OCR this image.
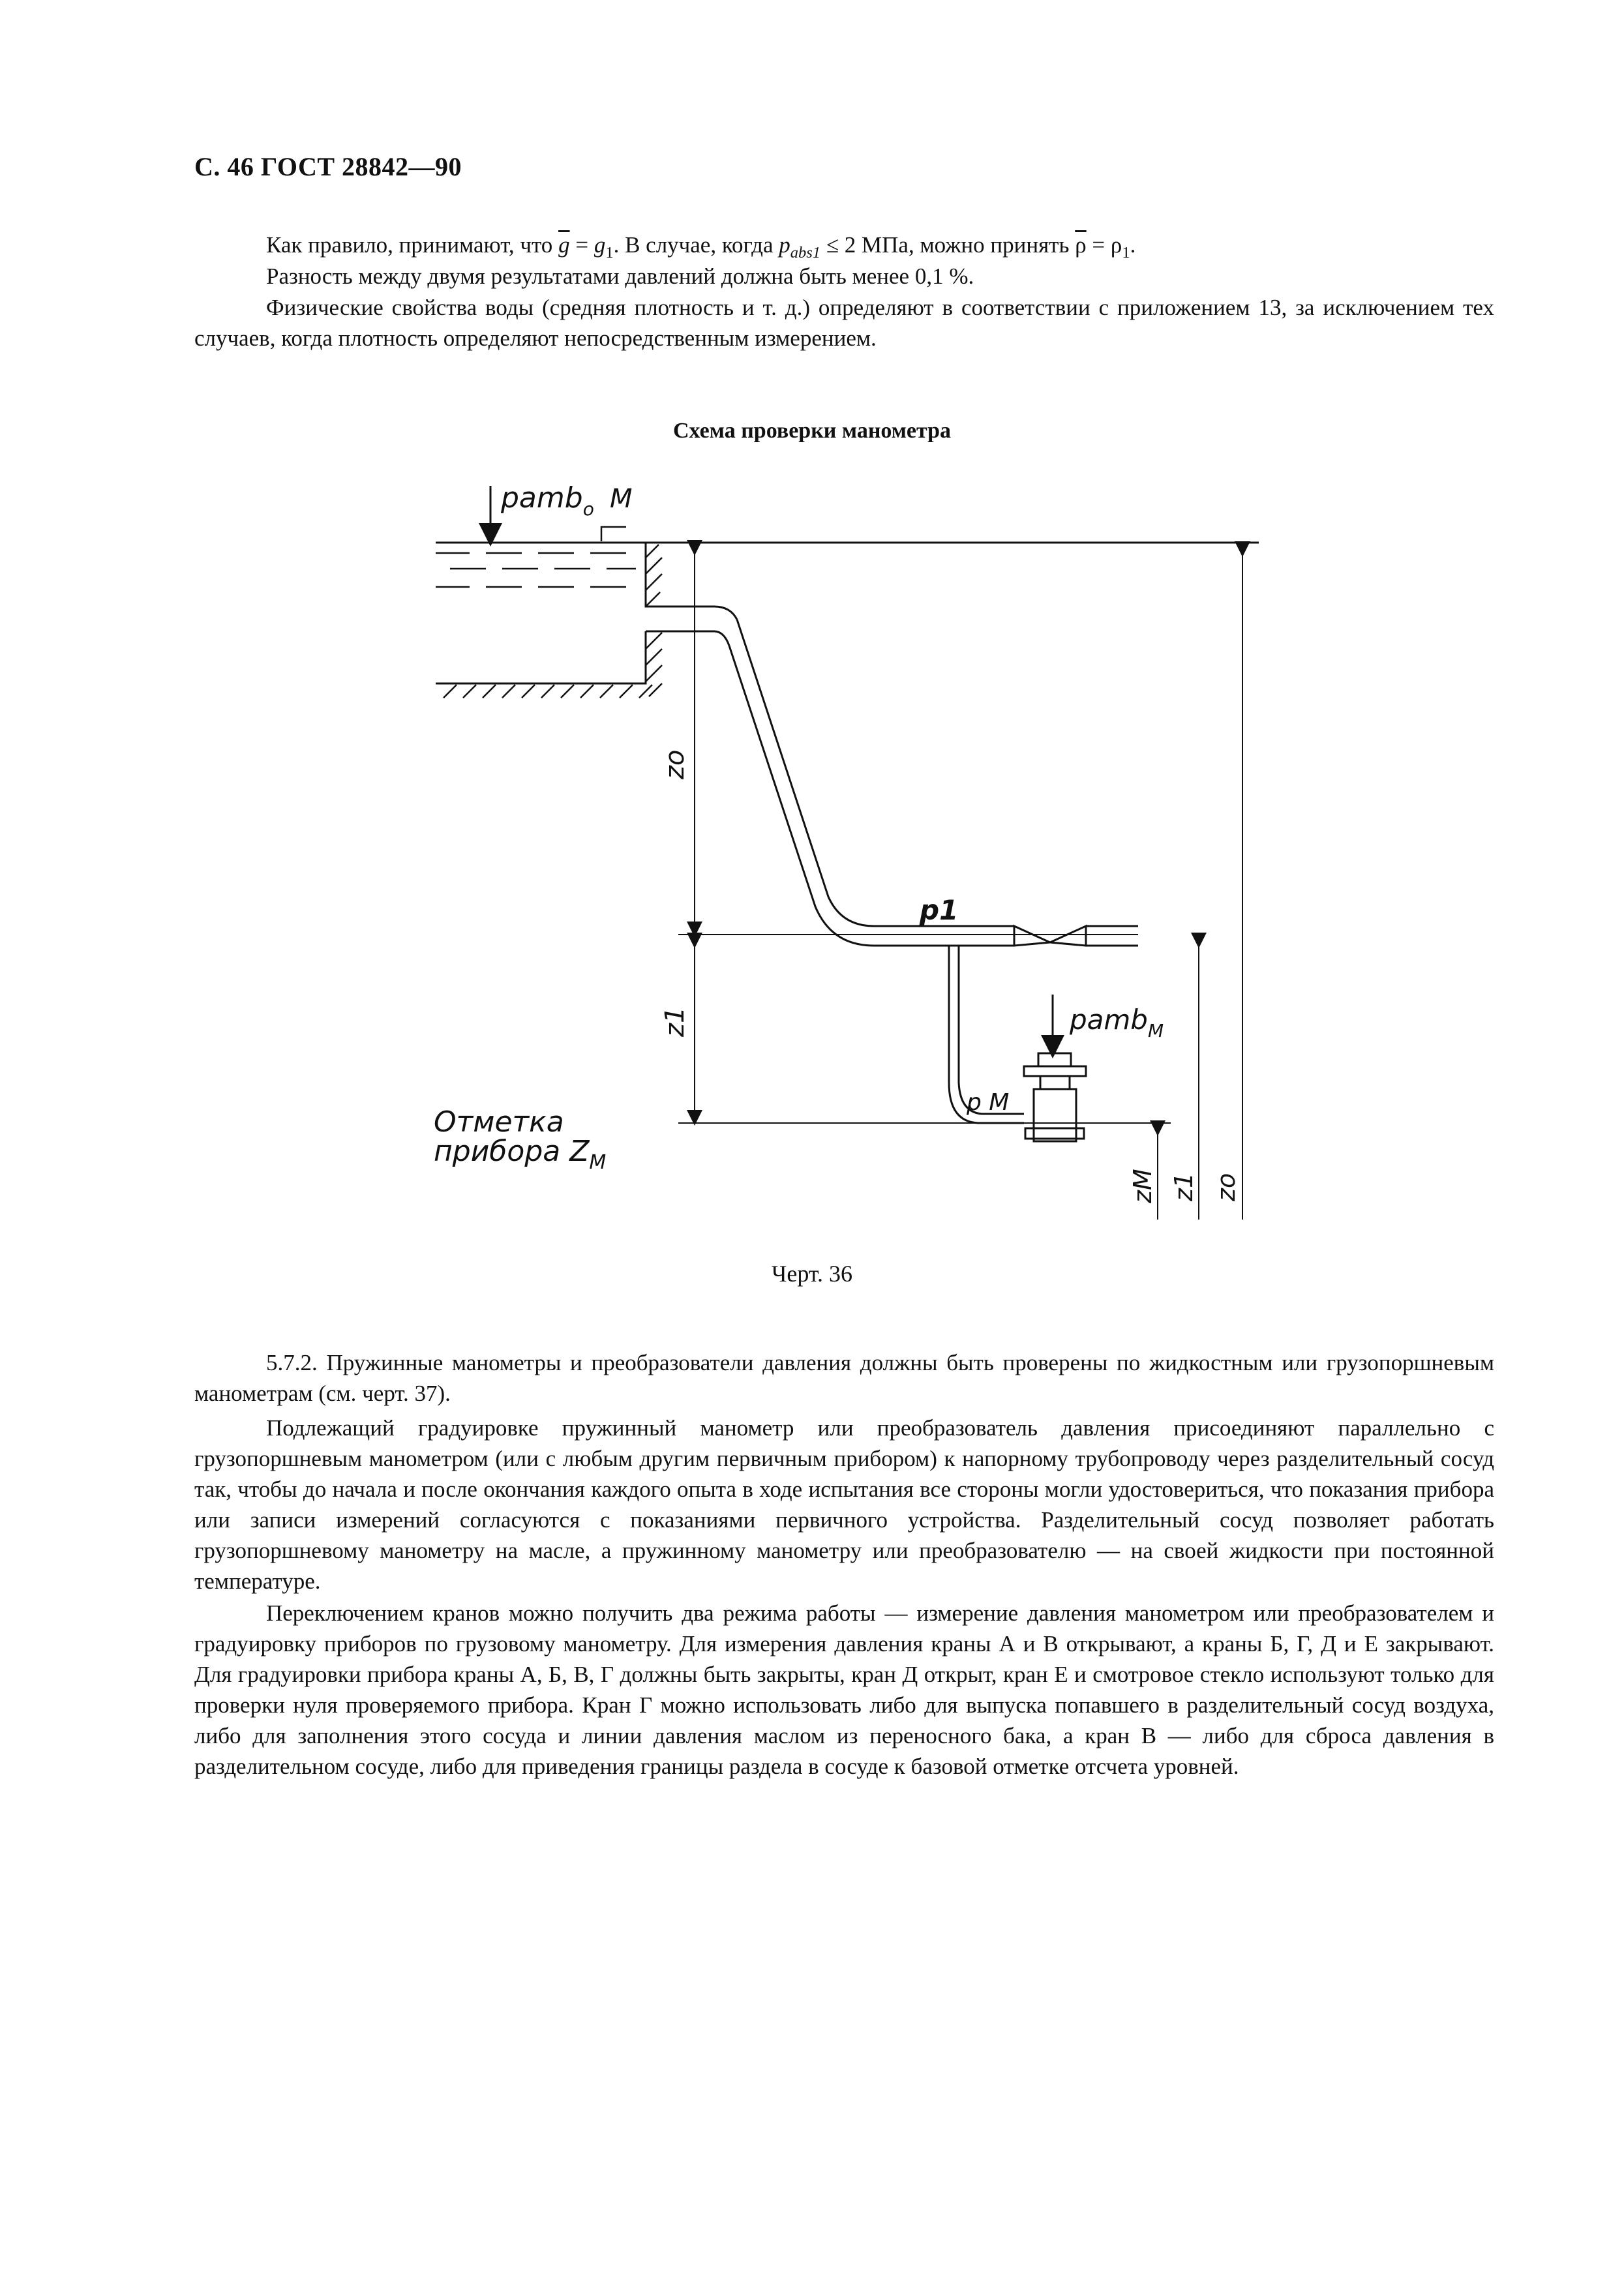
С. 46 ГОСТ 28842—90

Как правило, принимают, что $\overline{g} = g_1$. В случае, когда $p_{abs1} \le 2$ МПа, можно принять $\overline{\rho} = \rho_1$.

Разность между двумя результатами давлений должна быть менее 0,1 %.

Физические свойства воды (средняя плотность и т. д.) определяют в соответствии с приложением 13, за исключением тех случаев, когда плотность определяют непосредственным измерением.

Схема проверки манометра
pamb$_o$ M
zo
p1
z1	pamb$_M$
p M
Отметка
прибора $Z_M$
zM z1 zo
Черт. 36

5.7.2. Пружинные манометры и преобразователи давления должны быть проверены по жидкостным или грузопоршневым манометрам (см. черт. 37).

Подлежащий градуировке пружинный манометр или преобразователь давления присоединяют параллельно с грузопоршневым манометром (или с любым другим первичным прибором) к напорному трубопроводу через разделительный сосуд так, чтобы до начала и после окончания каждого опыта в ходе испытания все стороны могли удостовериться, что показания прибора или записи измерений согласуются с показаниями первичного устройства. Разделительный сосуд позволяет работать грузопоршневому манометру на масле, а пружинному манометру или преобразователю — на своей жидкости при постоянной температуре.

Переключением кранов можно получить два режима работы — измерение давления манометром или преобразователем и градуировку приборов по грузовому манометру. Для измерения давления краны А и В открывают, а краны Б, Г, Д и Е закрывают. Для градуировки прибора краны А, Б, В, Г должны быть закрыты, кран Д открыт, кран Е и смотровое стекло используют только для проверки нуля проверяемого прибора. Кран Г можно использовать либо для выпуска попавшего в разделительный сосуд воздуха, либо для заполнения этого сосуда и линии давления маслом из переносного бака, а кран В — либо для сброса давления в разделительном сосуде, либо для приведения границы раздела в сосуде к базовой отметке отсчета уровней.
